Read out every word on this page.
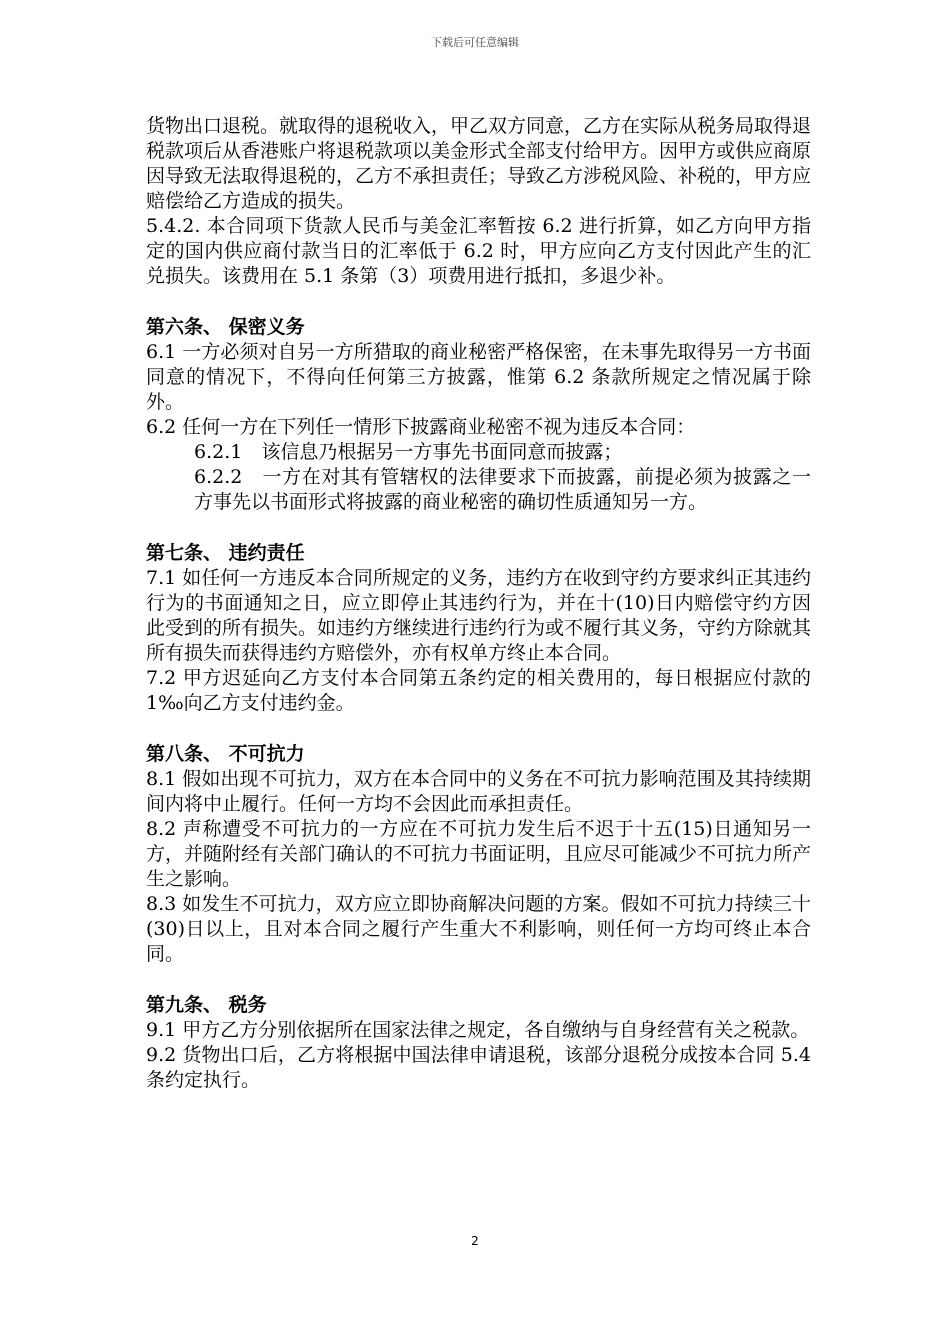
下载后可任意编辑

货物出口退税。就取得的退税收入，甲乙双方同意，乙方在实际从税务局取得退税款项后从香港账户将退税款项以美金形式全部支付给甲方。因甲方或供应商原因导致无法取得退税的，乙方不承担责任；导致乙方涉税风险、补税的，甲方应赔偿给乙方造成的损失。

5.4.2. 本合同项下货款人民币与美金汇率暂按 6.2 进行折算，如乙方向甲方指定的国内供应商付款当日的汇率低于 6.2 时，甲方应向乙方支付因此产生的汇兑损失。该费用在 5.1 条第（3）项费用进行抵扣，多退少补。

第六条、 保密义务

6.1 一方必须对自另一方所猎取的商业秘密严格保密，在未事先取得另一方书面同意的情况下，不得向任何第三方披露，惟第 6.2 条款所规定之情况属于除外。

6.2 任何一方在下列任一情形下披露商业秘密不视为违反本合同：

6.2.1　该信息乃根据另一方事先书面同意而披露；

6.2.2　一方在对其有管辖权的法律要求下而披露，前提必须为披露之一方事先以书面形式将披露的商业秘密的确切性质通知另一方。

第七条、 违约责任

7.1 如任何一方违反本合同所规定的义务，违约方在收到守约方要求纠正其违约行为的书面通知之日，应立即停止其违约行为，并在十(10)日内赔偿守约方因此受到的所有损失。如违约方继续进行违约行为或不履行其义务，守约方除就其所有损失而获得违约方赔偿外，亦有权单方终止本合同。

7.2 甲方迟延向乙方支付本合同第五条约定的相关费用的，每日根据应付款的 1‰向乙方支付违约金。

第八条、 不可抗力

8.1 假如出现不可抗力，双方在本合同中的义务在不可抗力影响范围及其持续期间内将中止履行。任何一方均不会因此而承担责任。

8.2 声称遭受不可抗力的一方应在不可抗力发生后不迟于十五(15)日通知另一方，并随附经有关部门确认的不可抗力书面证明，且应尽可能减少不可抗力所产生之影响。

8.3 如发生不可抗力，双方应立即协商解决问题的方案。假如不可抗力持续三十(30)日以上，且对本合同之履行产生重大不利影响，则任何一方均可终止本合同。

第九条、 税务

9.1 甲方乙方分别依据所在国家法律之规定，各自缴纳与自身经营有关之税款。

9.2 货物出口后，乙方将根据中国法律申请退税，该部分退税分成按本合同 5.4 条约定执行。

2
